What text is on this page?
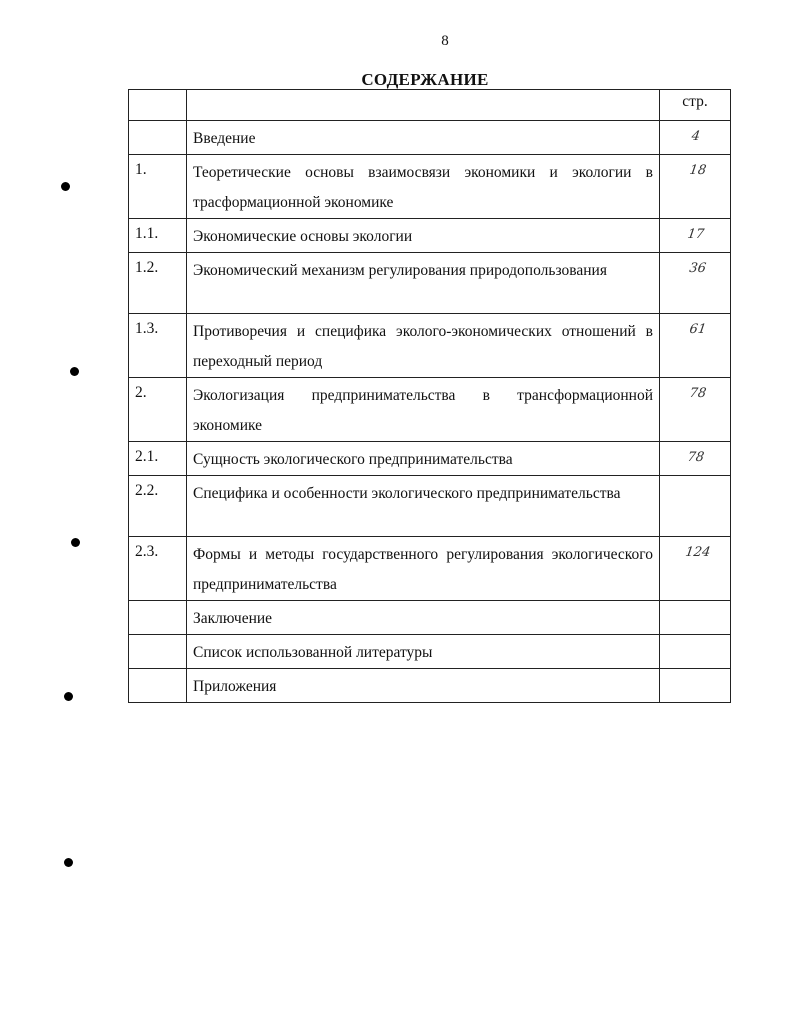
8
СОДЕРЖАНИЕ
		стр.
	Введение	4
1.	Теоретические основы взаимосвязи экономики и экологии в трасформационной экономике	18
1.1.	Экономические основы экологии	17
1.2.	Экономический механизм регулирования природопользования	36
1.3.	Противоречия и специфика эколого-экономических отношений в переходный период	61
2.	Экологизация предпринимательства в трансформационной экономике	78
2.1.	Сущность экологического предпринимательства	78
2.2.	Специфика и особенности экологического предпринимательства	
2.3.	Формы и методы государственного регулирования экологического предпринимательства	124
	Заключение	
	Список использованной литературы	
	Приложения	
